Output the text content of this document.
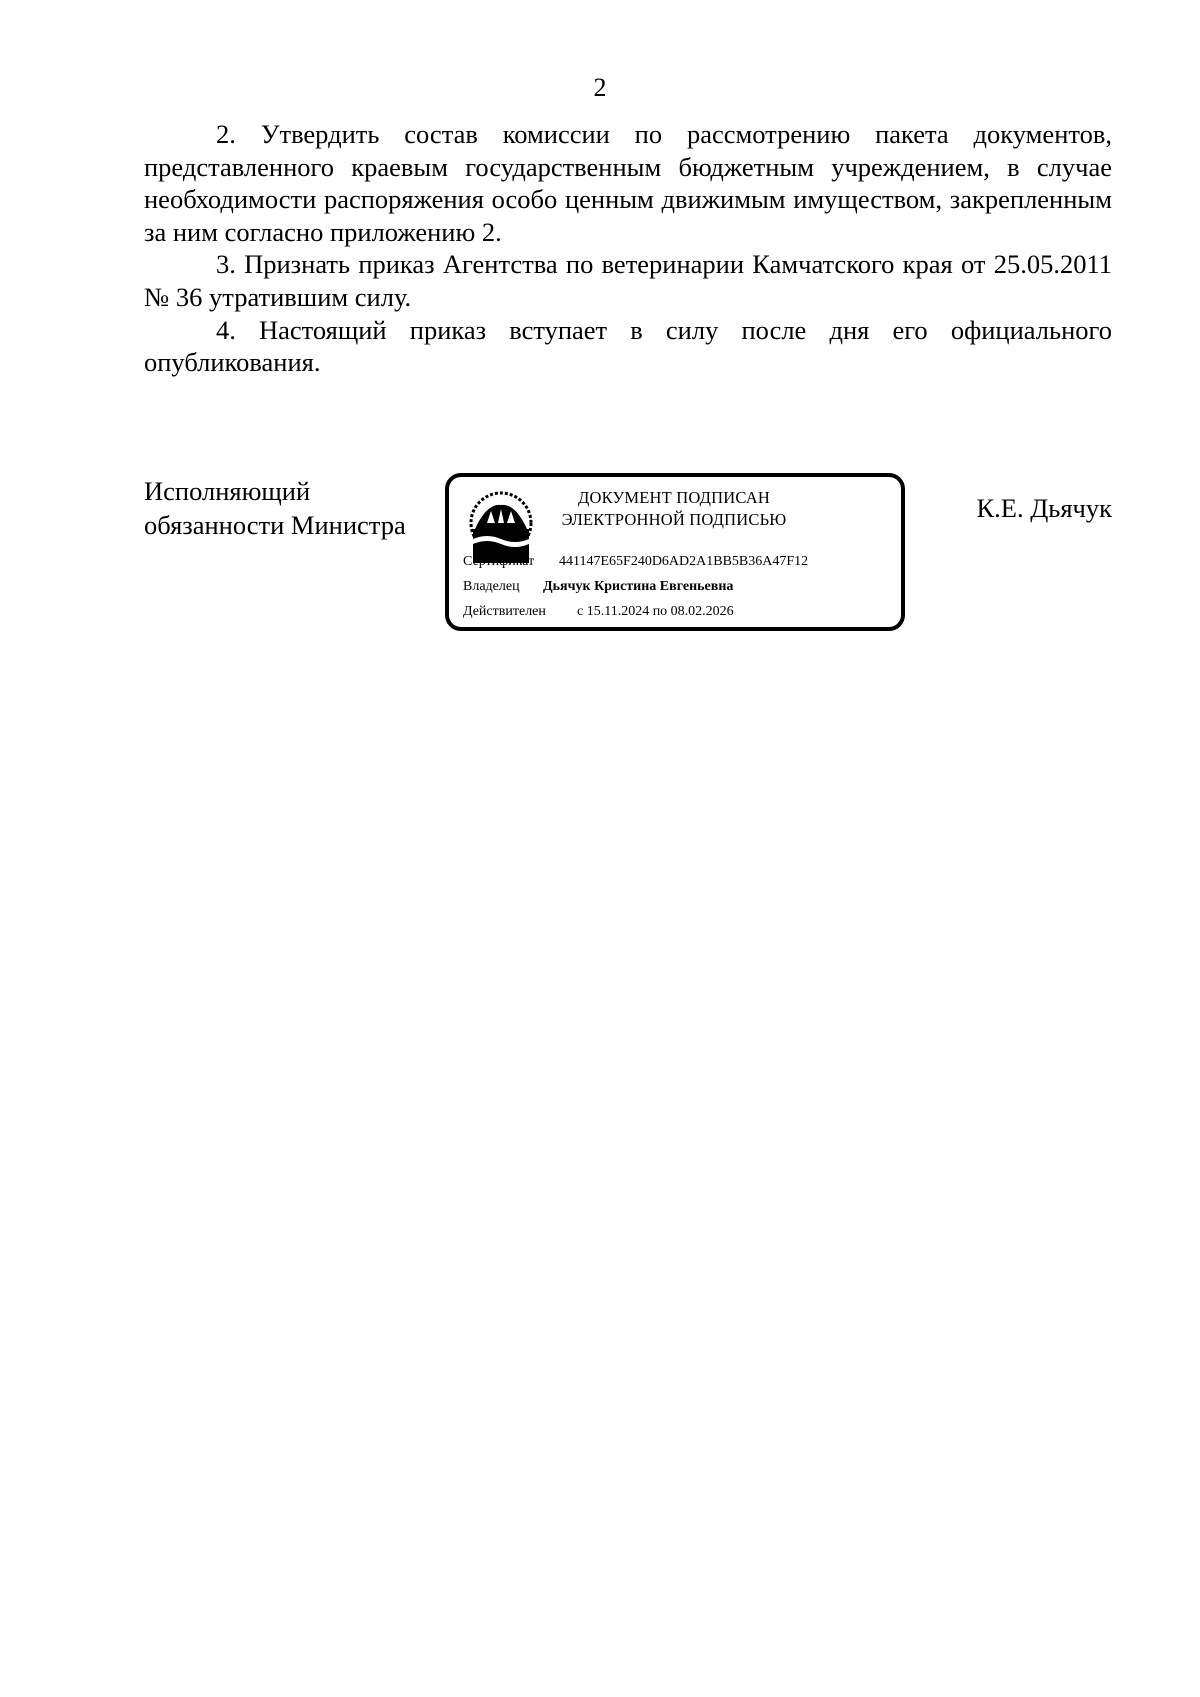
2

2. Утвердить состав комиссии по рассмотрению пакета документов, представленного краевым государственным бюджетным учреждением, в случае необходимости распоряжения особо ценным движимым имуществом, закрепленным за ним согласно приложению 2.

3. Признать приказ Агентства по ветеринарии Камчатского края от 25.05.2011 № 36 утратившим силу.

4. Настоящий приказ вступает в силу после дня его официального опубликования.

Исполняющий
обязанности Министра
ДОКУМЕНТ ПОДПИСАН
ЭЛЕКТРОННОЙ ПОДПИСЬЮ
Сертификат 441147E65F240D6AD2A1BB5B36A47F12
Владелец Дьячук Кристина Евгеньевна
Действителен с 15.11.2024 по 08.02.2026
К.Е. Дьячук
